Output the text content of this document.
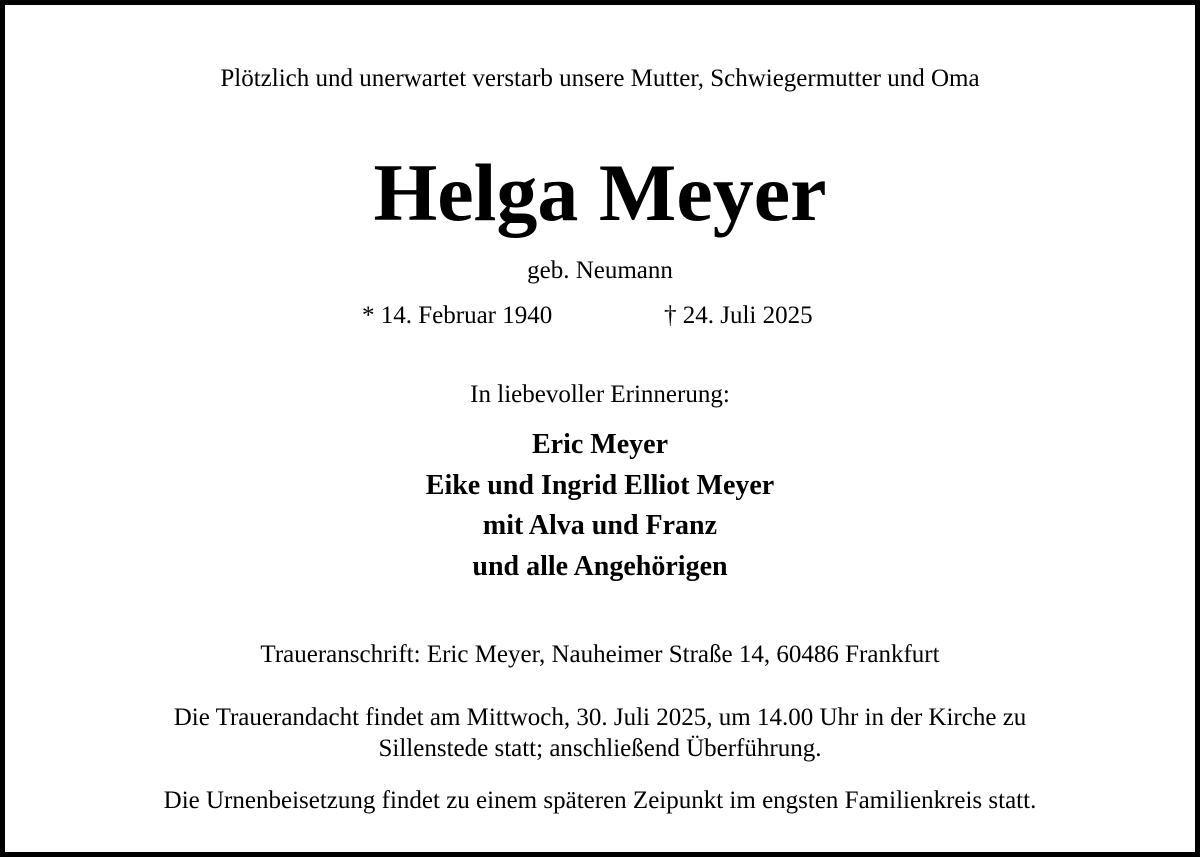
Plötzlich und unerwartet verstarb unsere Mutter, Schwiegermutter und Oma
Helga Meyer
geb. Neumann
* 14. Februar 1940	† 24. Juli 2025
In liebevoller Erinnerung:
Eric Meyer
Eike und Ingrid Elliot Meyer
mit Alva und Franz
und alle Angehörigen
Traueranschrift: Eric Meyer, Nauheimer Straße 14, 60486 Frankfurt
Die Trauerandacht findet am Mittwoch, 30. Juli 2025, um 14.00 Uhr in der Kirche zu
Sillenstede statt; anschließend Überführung.
Die Urnenbeisetzung findet zu einem späteren Zeipunkt im engsten Familienkreis statt.
